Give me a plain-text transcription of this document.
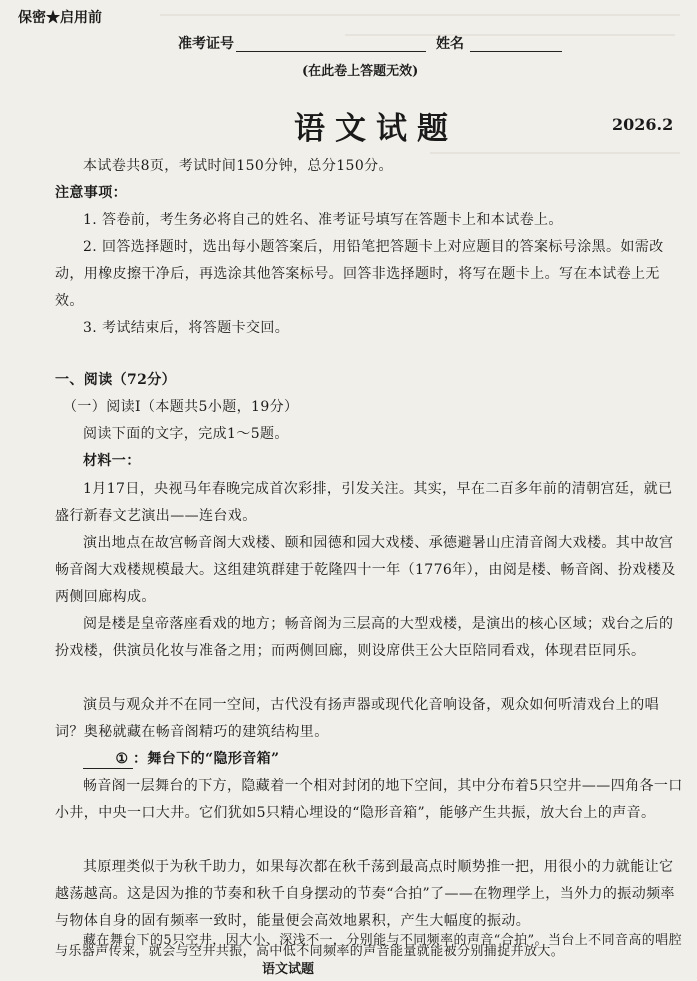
保密★启用前
准考证号	姓名
(在此卷上答题无效)
语文试题	2026.2
本试卷共8页，考试时间150分钟，总分150分。
注意事项：
1. 答卷前，考生务必将自己的姓名、准考证号填写在答题卡上和本试卷上。
2. 回答选择题时，选出每小题答案后，用铅笔把答题卡上对应题目的答案标号涂黑。如需改动，用橡皮擦干净后，再选涂其他答案标号。回答非选择题时，将写在题卡上。写在本试卷上无效。
3. 考试结束后，将答题卡交回。
一、阅读（72分）
（一）阅读Ⅰ（本题共5小题，19分）
阅读下面的文字，完成1～5题。
材料一：
1月17日，央视马年春晚完成首次彩排，引发关注。其实，早在二百多年前的清朝宫廷，就已盛行新春文艺演出——连台戏。
演出地点在故宫畅音阁大戏楼、颐和园德和园大戏楼、承德避暑山庄清音阁大戏楼。其中故宫畅音阁大戏楼规模最大。这组建筑群建于乾隆四十一年（1776年），由阅是楼、畅音阁、扮戏楼及两侧回廊构成。
阅是楼是皇帝落座看戏的地方；畅音阁为三层高的大型戏楼，是演出的核心区域；戏台之后的扮戏楼，供演员化妆与准备之用；而两侧回廊，则设席供王公大臣陪同看戏，体现君臣同乐。
演员与观众并不在同一空间，古代没有扬声器或现代化音响设备，观众如何听清戏台上的唱词？奥秘就藏在畅音阁精巧的建筑结构里。
① ：舞台下的“隐形音箱”
畅音阁一层舞台的下方，隐藏着一个相对封闭的地下空间，其中分布着5只空井——四角各一口小井，中央一口大井。它们犹如5只精心埋设的“隐形音箱”，能够产生共振，放大台上的声音。
其原理类似于为秋千助力，如果每次都在秋千荡到最高点时顺势推一把，用很小的力就能让它越荡越高。这是因为推的节奏和秋千自身摆动的节奏“合拍”了——在物理学上，当外力的振动频率与物体自身的固有频率一致时，能量便会高效地累积，产生大幅度的振动。
语文试题
藏在舞台下的5只空井，因大小、深浅不一，分别能与不同频率的声音“合拍”。当台上不同音高的唱腔与乐器声传来，就会与空井共振，高中低不同频率的声音能量就能被分别捕捉并放大。
